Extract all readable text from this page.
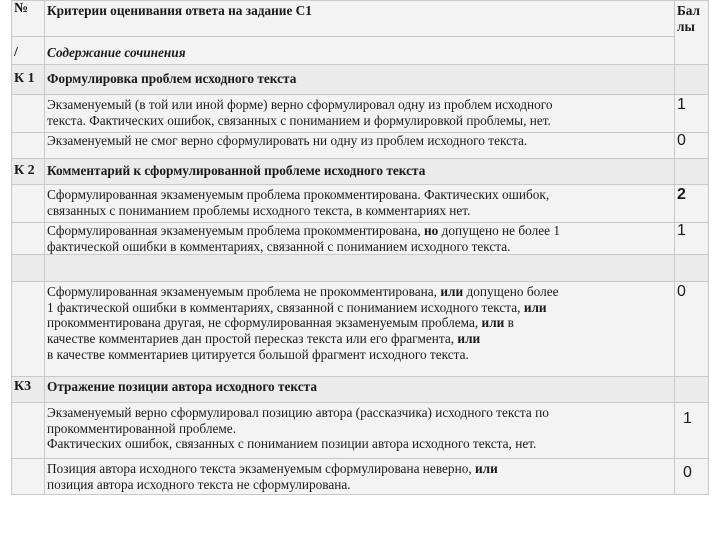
№	Критерии оценивания ответа на задание С1	Бал
лы

/	Содержание сочинения	
К 1	Формулировка проблем исходного текста	

	Экзаменуемый (в той или иной форме) верно сформулировал одну из проблем исходного
текста. Фактических ошибок, связанных с пониманием и формулировкой проблемы, нет.	1

	Экзаменуемый не смог верно сформулировать ни одну из проблем исходного текста.	0
К 2	Комментарий к сформулированной проблеме исходного текста	

	Сформулированная экзаменуемым проблема прокомментирована. Фактических ошибок,
связанных с пониманием проблемы исходного текста, в комментариях нет.	2

	Сформулированная экзаменуемым проблема прокомментирована, но допущено не более 1
фактической ошибки в комментариях, связанной с пониманием исходного текста.	1

	Сформулированная экзаменуемым проблема не прокомментирована, или допущено более
1 фактической ошибки в комментариях, связанной с пониманием исходного текста, или
прокомментирована другая, не сформулированная экзаменуемым проблема, или в
качестве комментариев дан простой пересказ текста или его фрагмента, или
в качестве комментариев цитируется большой фрагмент исходного текста.	0
К3	Отражение позиции автора исходного текста	

	Экзаменуемый верно сформулировал позицию автора (рассказчика) исходного текста по
прокомментированной проблеме.
Фактических ошибок, связанных с пониманием позиции автора исходного текста, нет.	1

	Позиция автора исходного текста экзаменуемым сформулирована неверно, или
позиция автора исходного текста не сформулирована.	0
